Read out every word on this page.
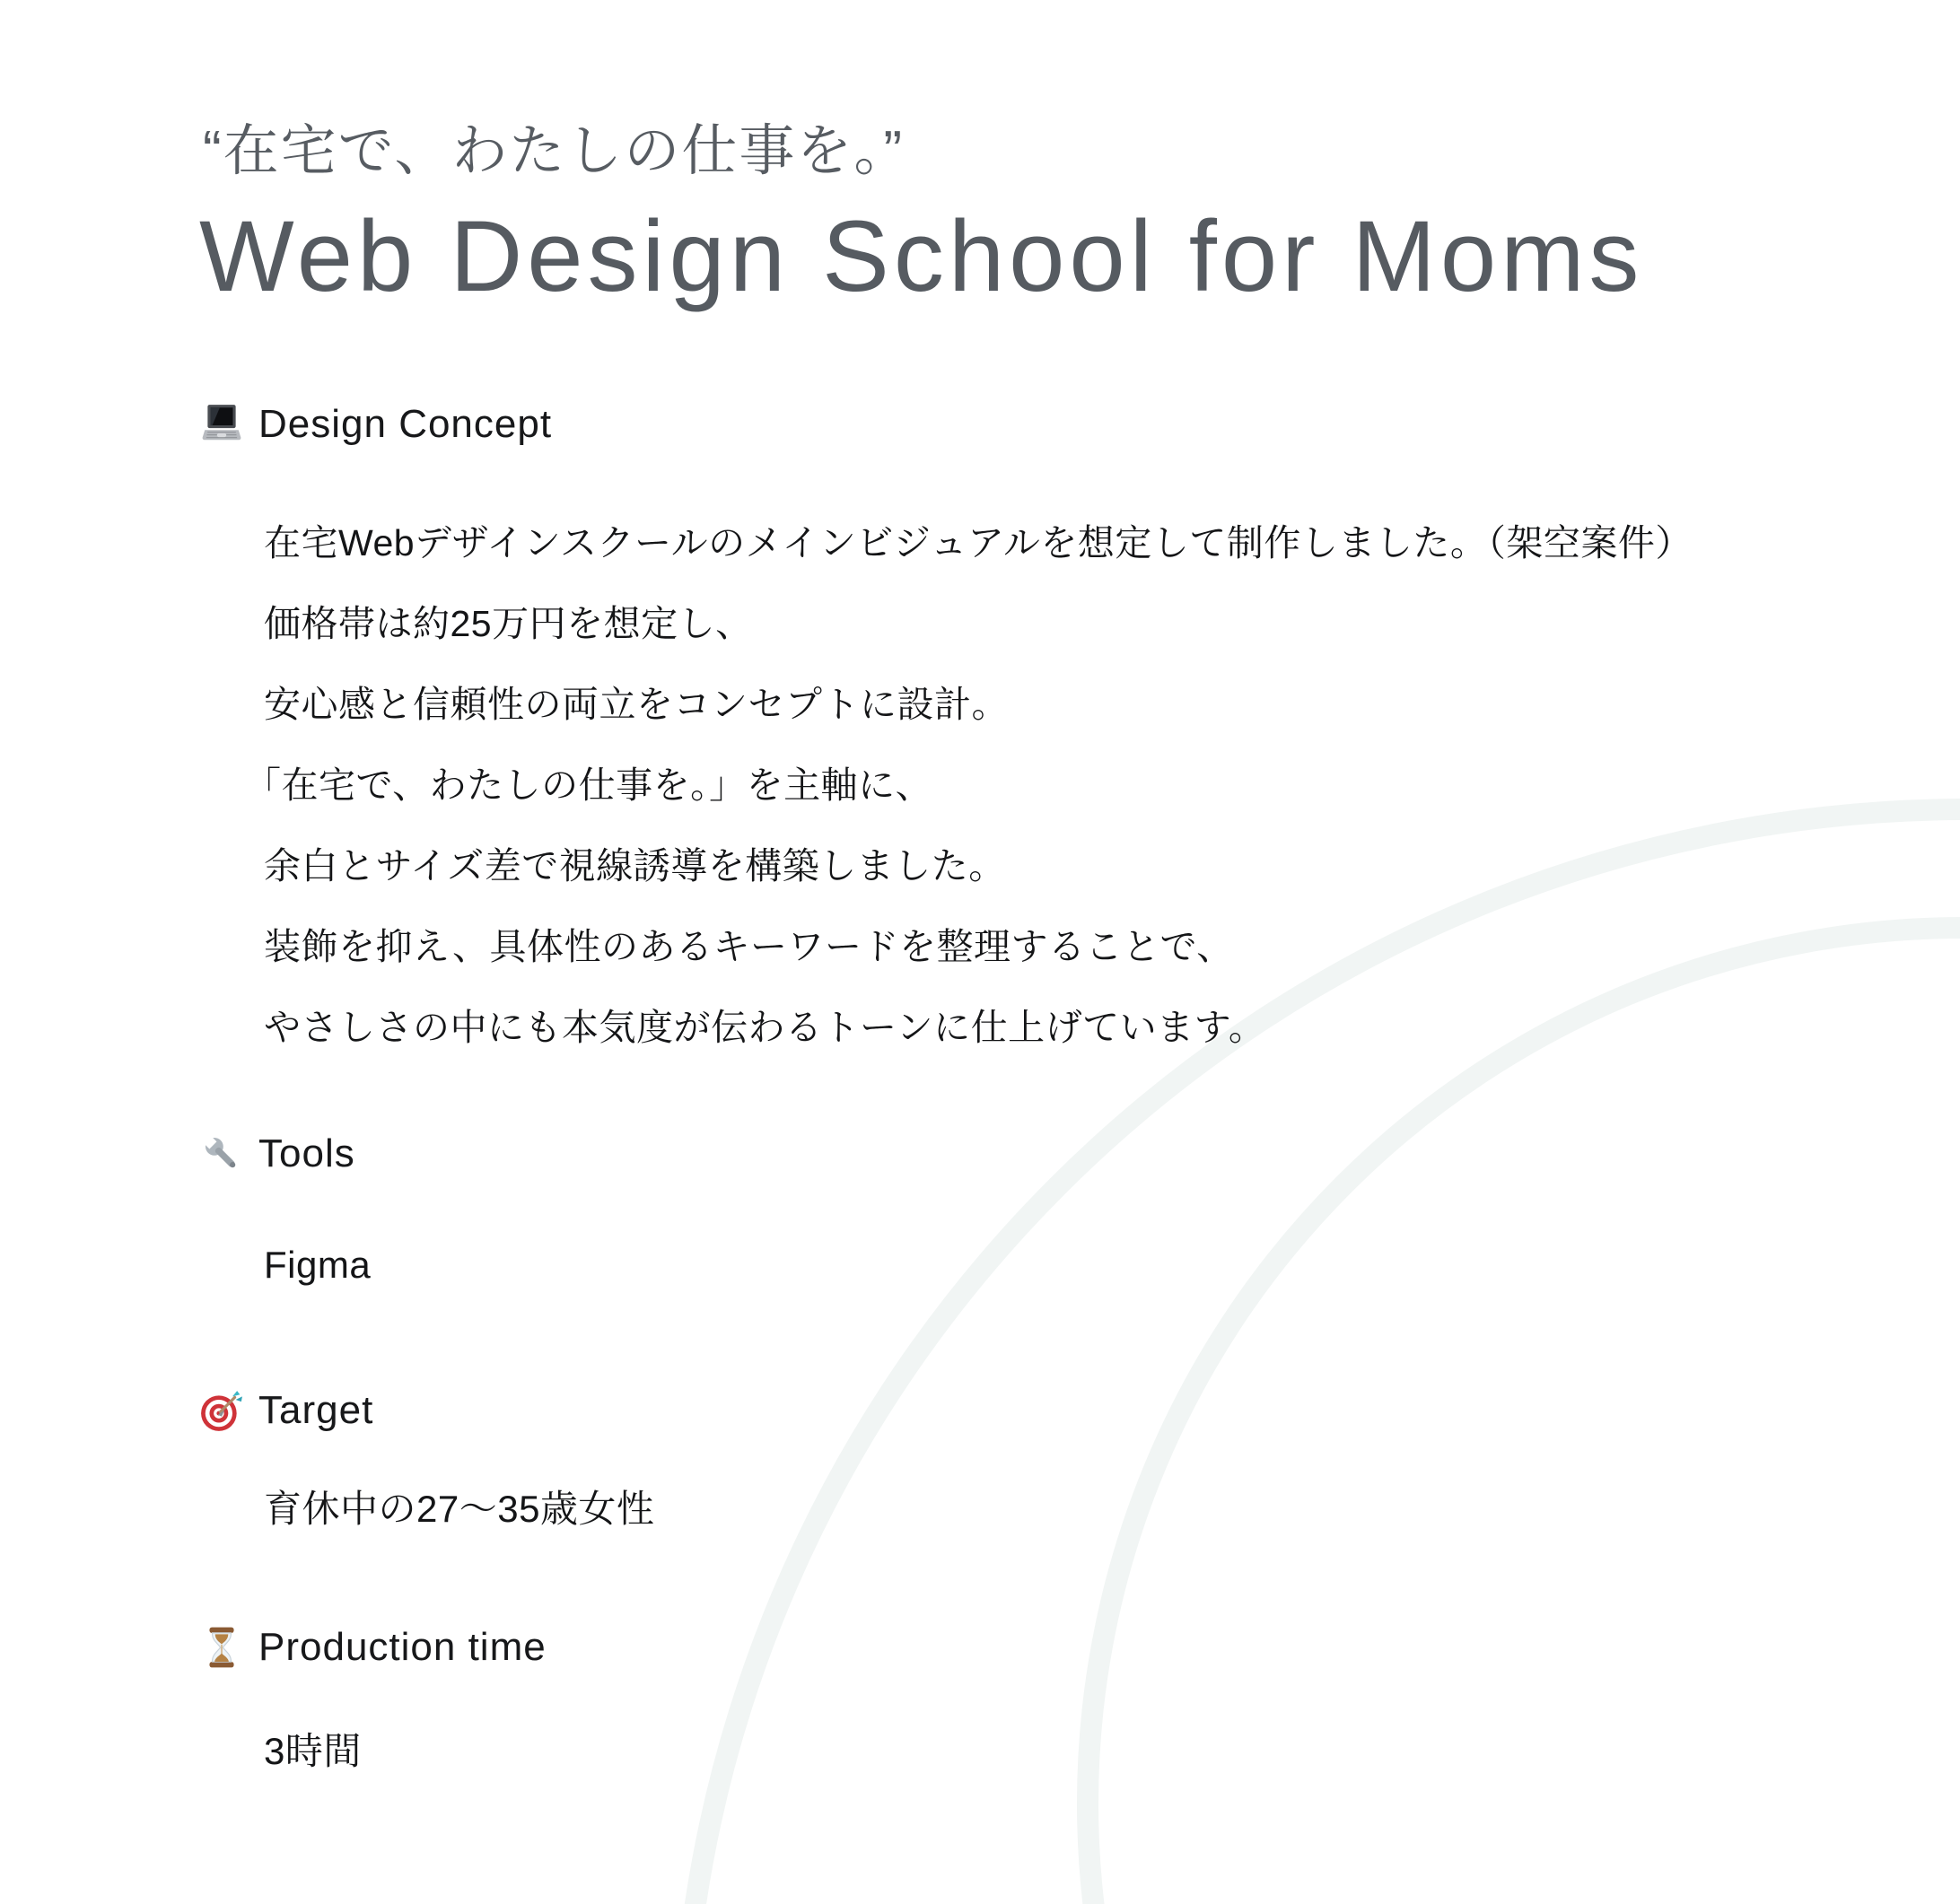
“在宅で、わたしの仕事を。”
Web Design School for Moms
Design Concept
在宅Webデザインスクールのメインビジュアルを想定して制作しました。（架空案件）
価格帯は約25万円を想定し、
安心感と信頼性の両立をコンセプトに設計。
「在宅で、わたしの仕事を。」を主軸に、
余白とサイズ差で視線誘導を構築しました。
装飾を抑え、具体性のあるキーワードを整理することで、
やさしさの中にも本気度が伝わるトーンに仕上げています。
Tools
Figma
Target
育休中の27〜35歳女性
Production time
3時間
